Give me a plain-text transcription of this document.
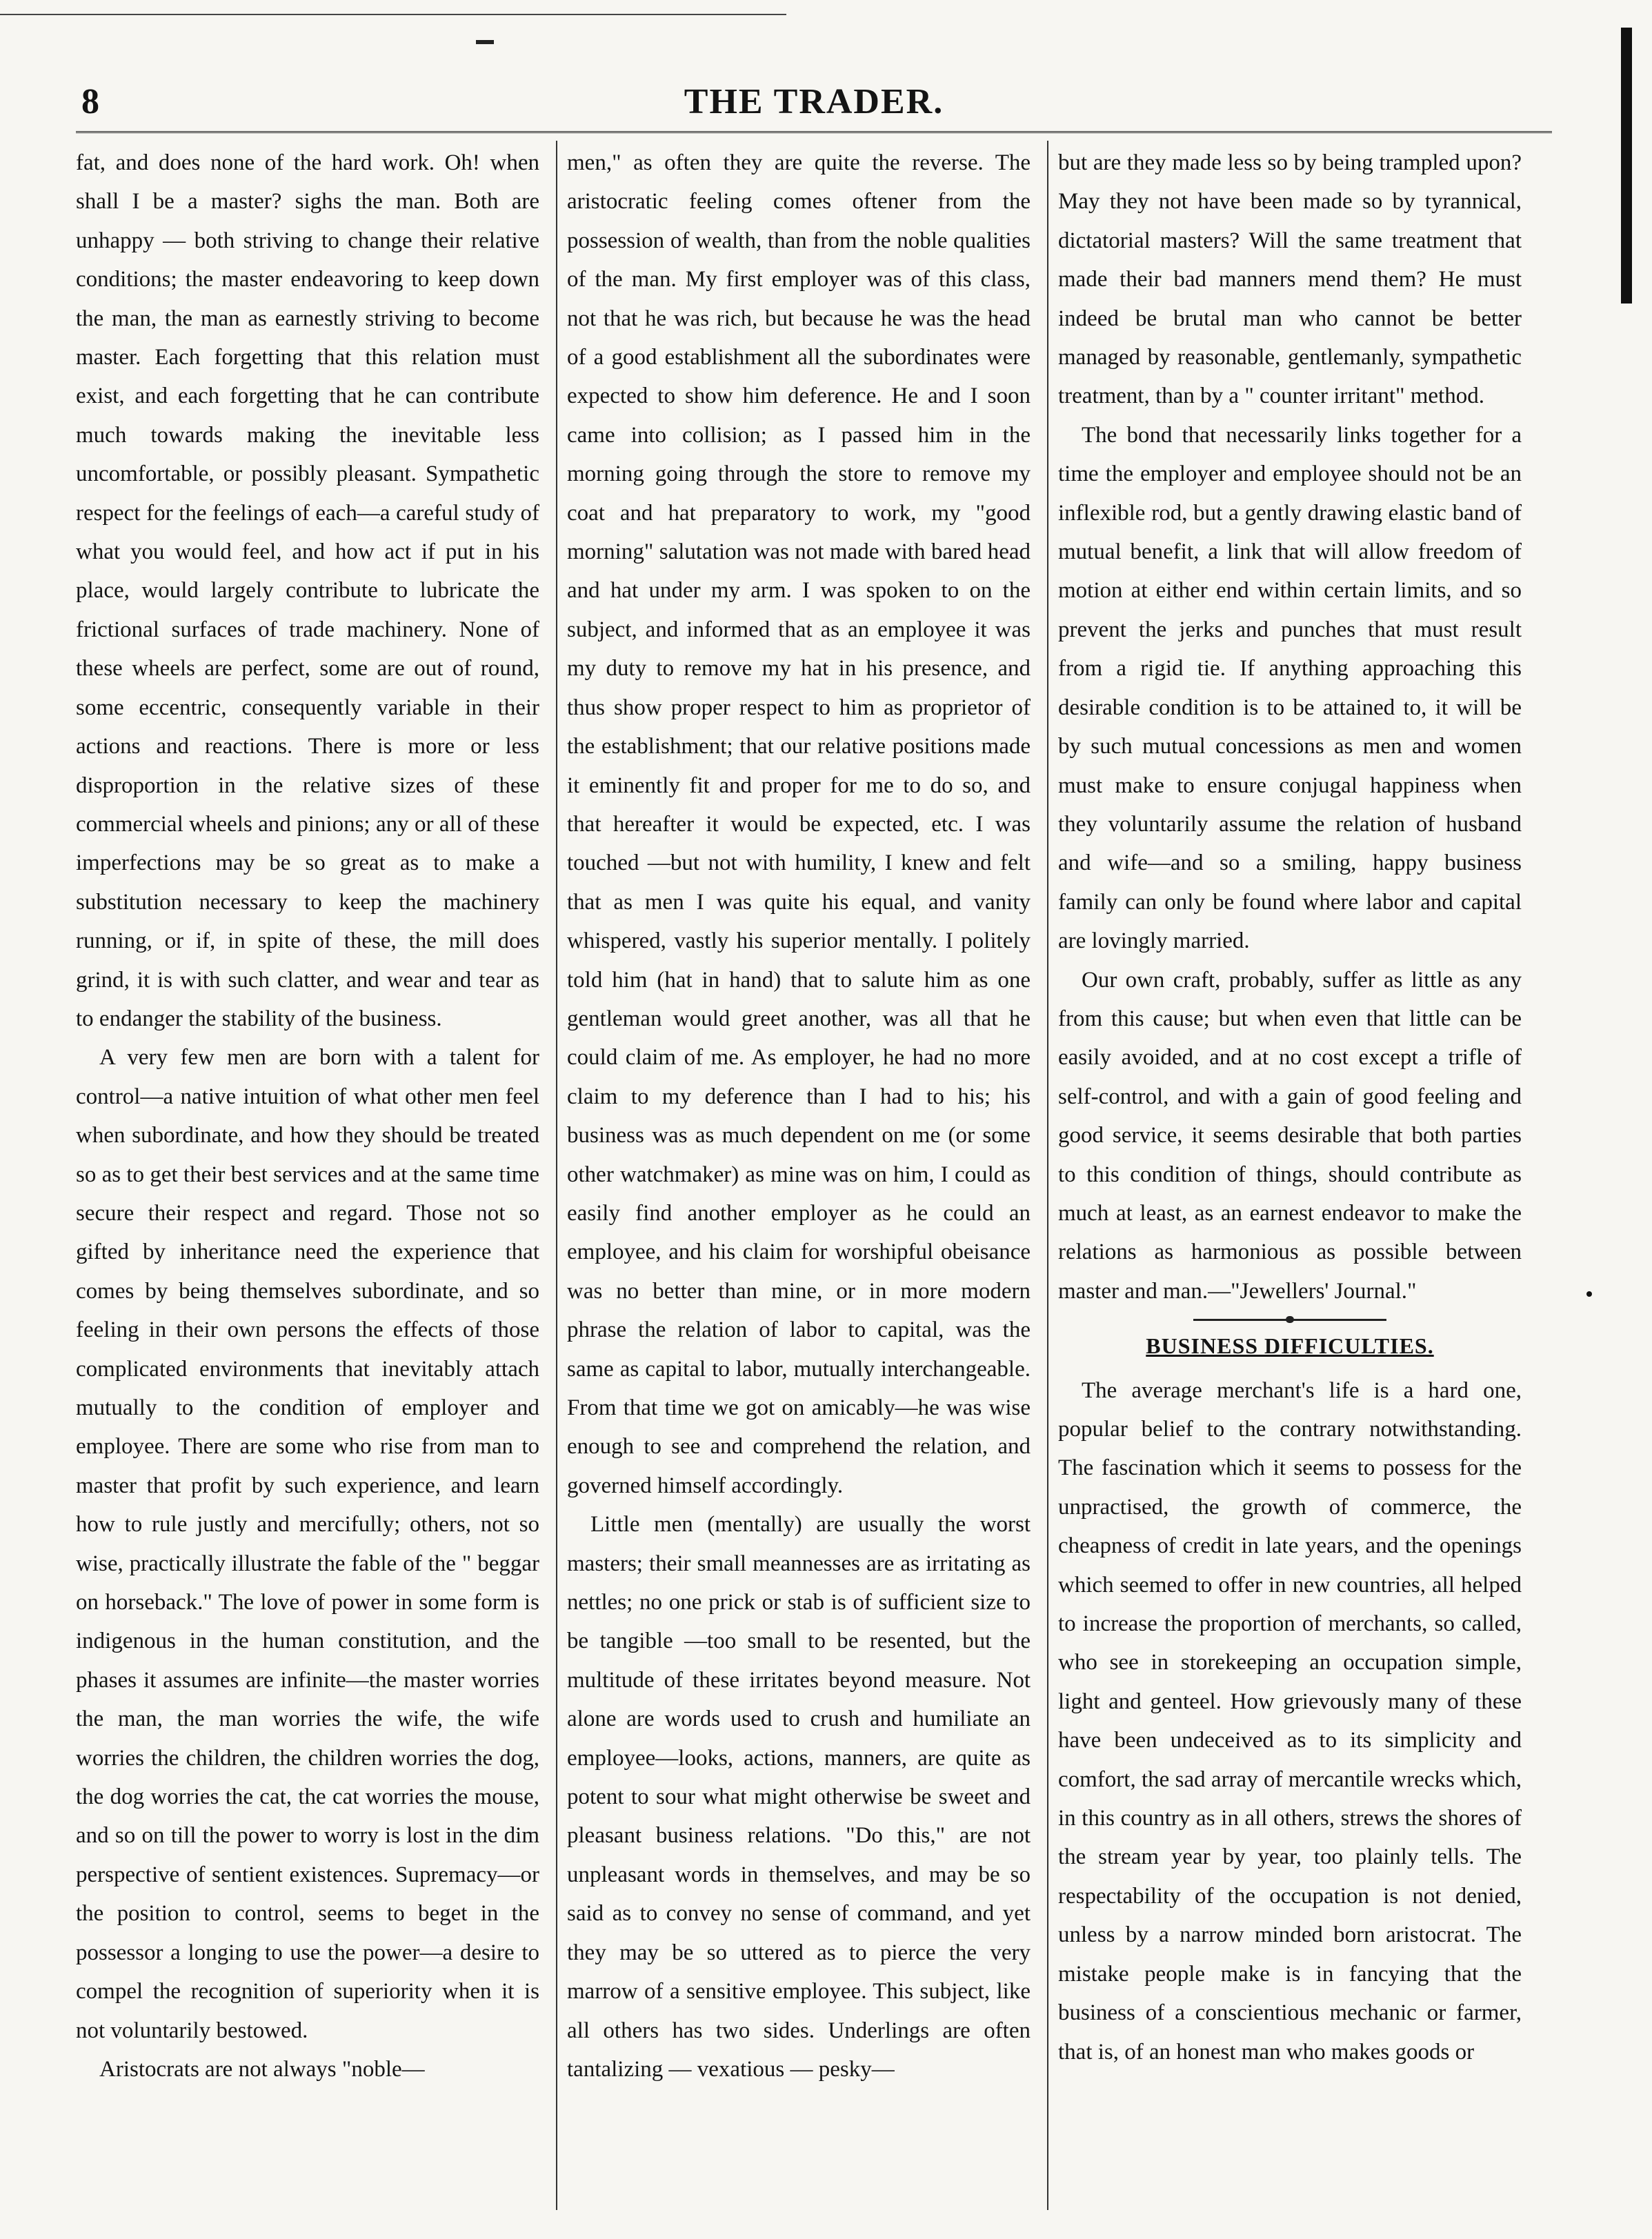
8	THE TRADER.

fat, and does none of the hard work. Oh! when shall I be a master? sighs the man. Both are unhappy — both striving to change their relative conditions; the master endeavoring to keep down the man, the man as earnestly striving to become master. Each forgetting that this relation must exist, and each forgetting that he can contribute much towards making the inevitable less uncomfortable, or possibly pleasant. Sympathetic respect for the feelings of each—a careful study of what you would feel, and how act if put in his place, would largely contribute to lubricate the frictional surfaces of trade machinery. None of these wheels are perfect, some are out of round, some eccentric, consequently variable in their actions and reactions. There is more or less disproportion in the relative sizes of these commercial wheels and pinions; any or all of these imperfections may be so great as to make a substitution necessary to keep the machinery running, or if, in spite of these, the mill does grind, it is with such clatter, and wear and tear as to endanger the stability of the business.

A very few men are born with a talent for control—a native intuition of what other men feel when subordinate, and how they should be treated so as to get their best services and at the same time secure their respect and regard. Those not so gifted by inheritance need the experience that comes by being themselves subordinate, and so feeling in their own persons the effects of those complicated environments that inevitably attach mutually to the condition of employer and employee. There are some who rise from man to master that profit by such experience, and learn how to rule justly and mercifully; others, not so wise, practically illustrate the fable of the " beggar on horseback." The love of power in some form is indigenous in the human constitution, and the phases it assumes are infinite—the master worries the man, the man worries the wife, the wife worries the children, the children worries the dog, the dog worries the cat, the cat worries the mouse, and so on till the power to worry is lost in the dim perspective of sentient existences. Supremacy—or the position to control, seems to beget in the possessor a longing to use the power—a desire to compel the recognition of superiority when it is not voluntarily bestowed.

Aristocrats are not always "noble—

men," as often they are quite the reverse. The aristocratic feeling comes oftener from the possession of wealth, than from the noble qualities of the man. My first employer was of this class, not that he was rich, but because he was the head of a good establishment all the subordinates were expected to show him deference. He and I soon came into collision; as I passed him in the morning going through the store to remove my coat and hat preparatory to work, my "good morning" salutation was not made with bared head and hat under my arm. I was spoken to on the subject, and informed that as an employee it was my duty to remove my hat in his presence, and thus show proper respect to him as proprietor of the establishment; that our relative positions made it eminently fit and proper for me to do so, and that hereafter it would be expected, etc. I was touched —but not with humility, I knew and felt that as men I was quite his equal, and vanity whispered, vastly his superior mentally. I politely told him (hat in hand) that to salute him as one gentleman would greet another, was all that he could claim of me. As employer, he had no more claim to my deference than I had to his; his business was as much dependent on me (or some other watchmaker) as mine was on him, I could as easily find another employer as he could an employee, and his claim for worshipful obeisance was no better than mine, or in more modern phrase the relation of labor to capital, was the same as capital to labor, mutually interchangeable. From that time we got on amicably—he was wise enough to see and comprehend the relation, and governed himself accordingly.

Little men (mentally) are usually the worst masters; their small meannesses are as irritating as nettles; no one prick or stab is of sufficient size to be tangible —too small to be resented, but the multitude of these irritates beyond measure. Not alone are words used to crush and humiliate an employee—looks, actions, manners, are quite as potent to sour what might otherwise be sweet and pleasant business relations. "Do this," are not unpleasant words in themselves, and may be so said as to convey no sense of command, and yet they may be so uttered as to pierce the very marrow of a sensitive employee. This subject, like all others has two sides. Underlings are often tantalizing — vexatious — pesky—

but are they made less so by being trampled upon? May they not have been made so by tyrannical, dictatorial masters? Will the same treatment that made their bad manners mend them? He must indeed be brutal man who cannot be better managed by reasonable, gentlemanly, sympathetic treatment, than by a " counter irritant" method.

The bond that necessarily links together for a time the employer and employee should not be an inflexible rod, but a gently drawing elastic band of mutual benefit, a link that will allow freedom of motion at either end within certain limits, and so prevent the jerks and punches that must result from a rigid tie. If anything approaching this desirable condition is to be attained to, it will be by such mutual concessions as men and women must make to ensure conjugal happiness when they voluntarily assume the relation of husband and wife—and so a smiling, happy business family can only be found where labor and capital are lovingly married.

Our own craft, probably, suffer as little as any from this cause; but when even that little can be easily avoided, and at no cost except a trifle of self-control, and with a gain of good feeling and good service, it seems desirable that both parties to this condition of things, should contribute as much at least, as an earnest endeavor to make the relations as harmonious as possible between master and man.—"Jewellers' Journal."

BUSINESS DIFFICULTIES.

The average merchant's life is a hard one, popular belief to the contrary notwithstanding. The fascination which it seems to possess for the unpractised, the growth of commerce, the cheapness of credit in late years, and the openings which seemed to offer in new countries, all helped to increase the proportion of merchants, so called, who see in storekeeping an occupation simple, light and genteel. How grievously many of these have been undeceived as to its simplicity and comfort, the sad array of mercantile wrecks which, in this country as in all others, strews the shores of the stream year by year, too plainly tells. The respectability of the occupation is not denied, unless by a narrow minded born aristocrat. The mistake people make is in fancying that the business of a conscientious mechanic or farmer, that is, of an honest man who makes goods or
